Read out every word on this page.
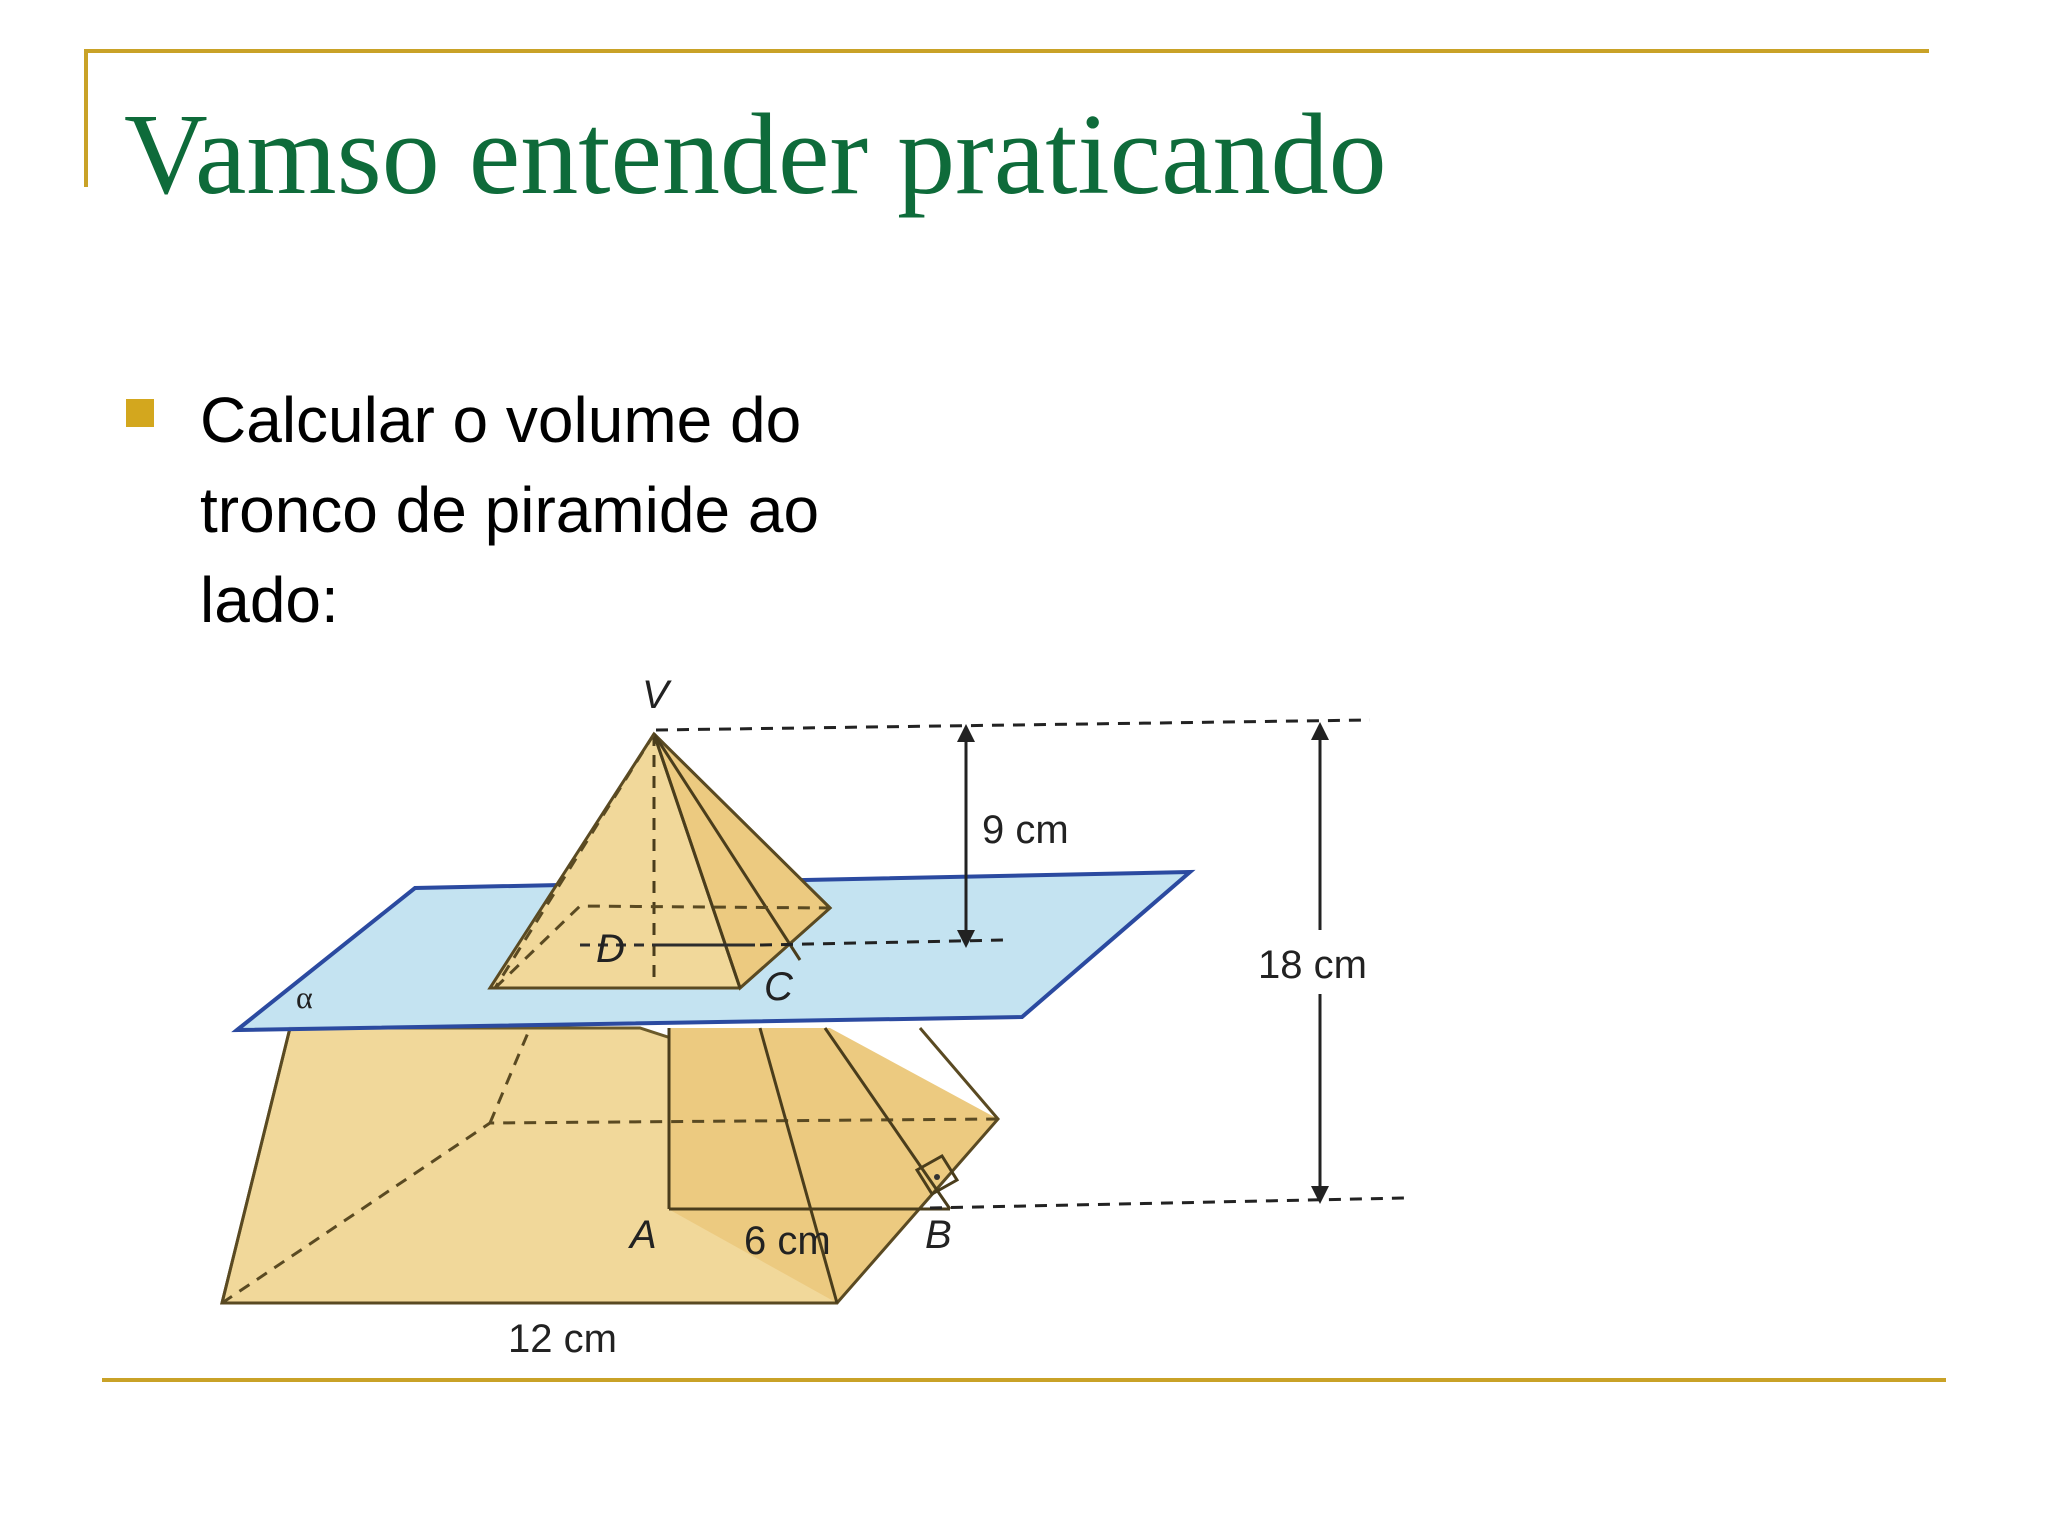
Vamso entender praticando
Calcular o volume do
tronco de piramide ao
lado:
V
D
C
A	B
α
9 cm
18 cm
6 cm
12 cm
